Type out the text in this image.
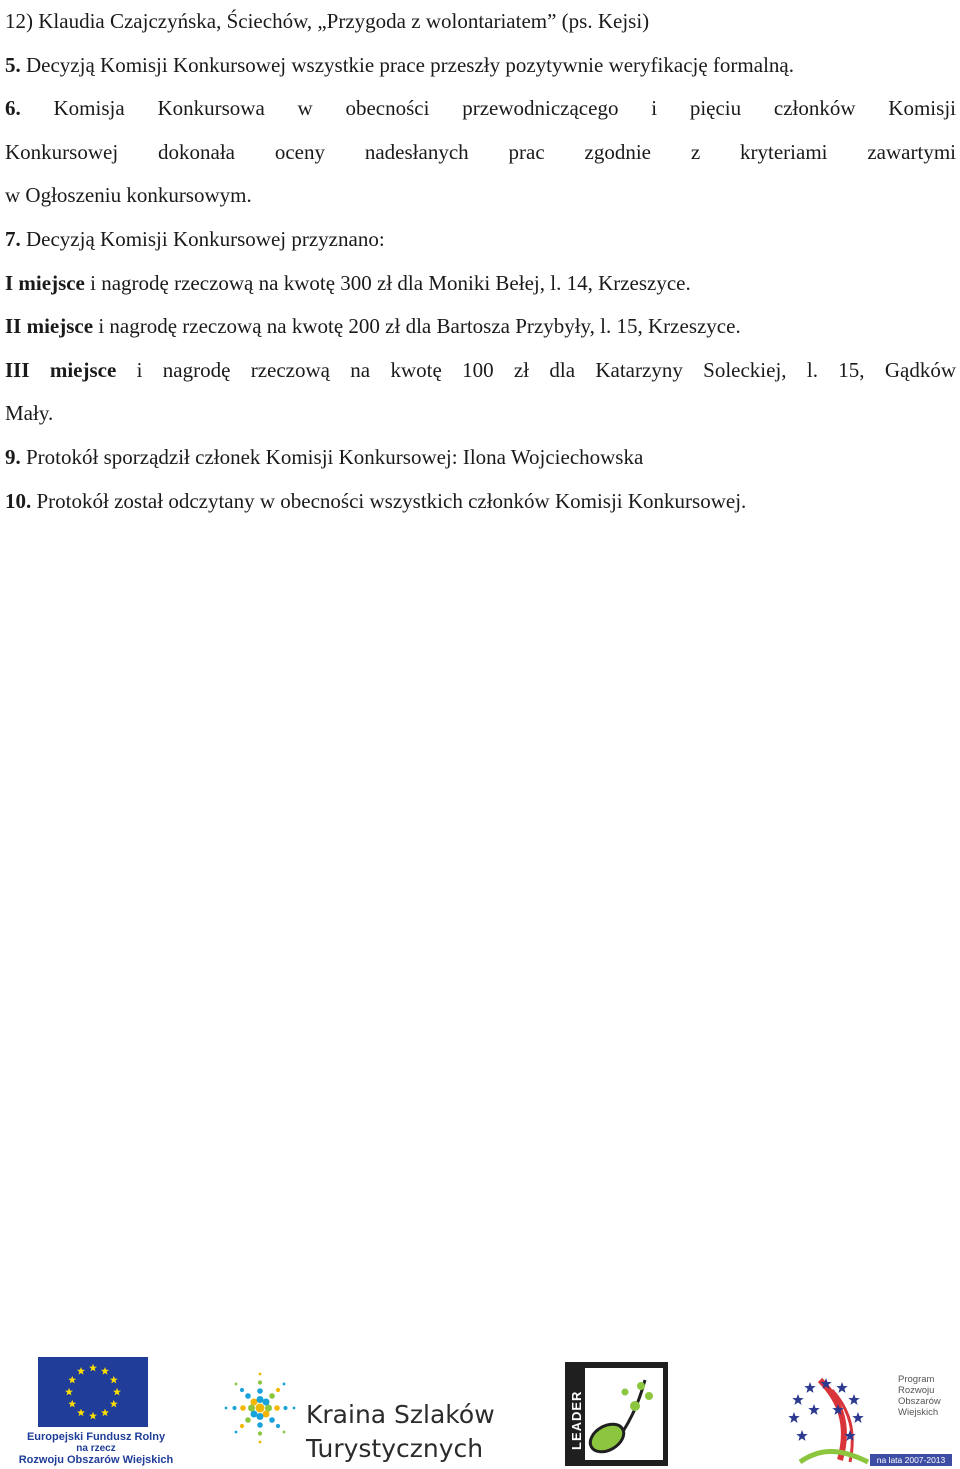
12) Klaudia Czajczyńska, Ściechów, „Przygoda z wolontariatem” (ps. Kejsi)

5. Decyzją Komisji Konkursowej wszystkie prace przeszły pozytywnie weryfikację formalną.

6. Komisja Konkursowa w obecności przewodniczącego i pięciu członków Komisji

Konkursowej dokonała oceny nadesłanych prac zgodnie z kryteriami zawartymi

w Ogłoszeniu konkursowym.

7. Decyzją Komisji Konkursowej przyznano:

I miejsce i nagrodę rzeczową na kwotę 300 zł dla Moniki Bełej, l. 14, Krzeszyce.

II miejsce i nagrodę rzeczową na kwotę 200 zł dla Bartosza Przybyły, l. 15, Krzeszyce.

III miejsce i nagrodę rzeczową na kwotę 100 zł dla Katarzyny Soleckiej, l. 15, Gądków

Mały.

9. Protokół sporządził członek Komisji Konkursowej: Ilona Wojciechowska

10. Protokół został odczytany w obecności wszystkich członków Komisji Konkursowej.

Europejski Fundusz Rolny
na rzecz
Rozwoju Obszarów Wiejskich
Kraina Szlaków
Turystycznych	LEADER
Program
Rozwoju
Obszarów
Wiejskich
na lata 2007-2013
